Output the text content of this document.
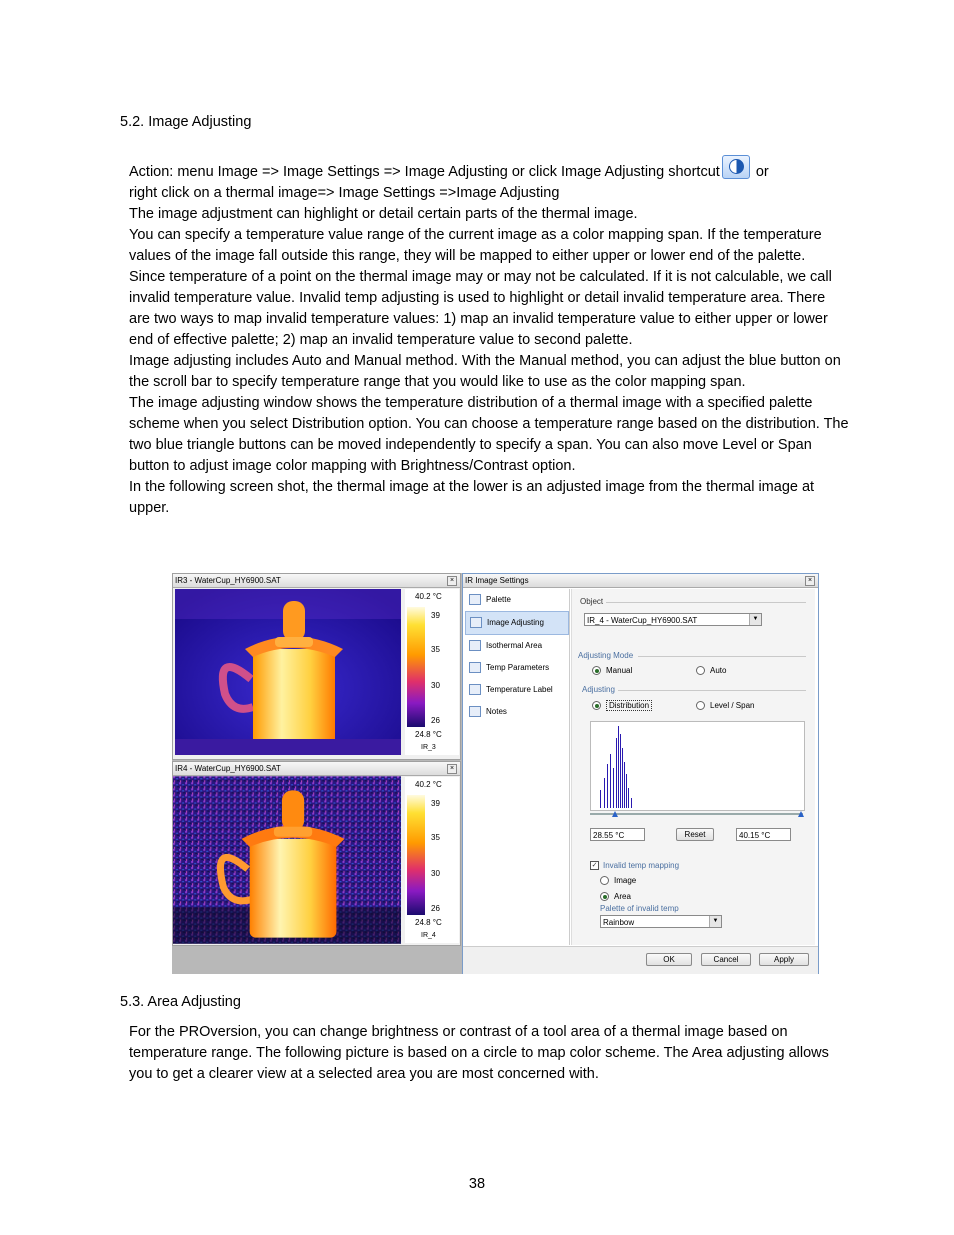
5.2. Image Adjusting

Action: menu Image => Image Settings => Image Adjusting or click Image Adjusting shortcut or

right click on a thermal image=> Image Settings =>Image Adjusting

The image adjustment can highlight or detail certain parts of the thermal image.

You can specify a temperature value range of the current image as a color mapping span. If the temperature values of the image fall outside this range, they will be mapped to either upper or lower end of the palette.

Since temperature of a point on the thermal image may or may not be calculated. If it is not calculable, we call invalid temperature value. Invalid temp adjusting is used to highlight or detail invalid temperature area. There are two ways to map invalid temperature values: 1) map an invalid temperature value to either upper or lower end of effective palette; 2) map an invalid temperature value to second palette.

Image adjusting includes Auto and Manual method. With the Manual method, you can adjust the blue button on the scroll bar to specify temperature range that you would like to use as the color mapping span.

The image adjusting window shows the temperature distribution of a thermal image with a specified palette scheme when you select Distribution option. You can choose a temperature range based on the distribution. The two blue triangle buttons can be moved independently to specify a span. You can also move Level or Span button to adjust image color mapping with Brightness/Contrast option.

In the following screen shot, the thermal image at the lower is an adjusted image from the thermal image at upper.

IR3 - WaterCup_HY6900.SAT	×
40.2 °C
39
35
30
26
24.8 °C
IR_3
IR4 - WaterCup_HY6900.SAT	×
40.2 °C
39
35
30
26
24.8 °C
IR_4
IR Image Settings	×
Palette
Image Adjusting
Isothermal Area
Temp Parameters
Temperature Label
Notes
Object
IR_4 - WaterCup_HY6900.SAT	▼
Adjusting Mode
Manual	Auto
Adjusting
Distribution	Level / Span
28.55 °C	Reset	40.15 °C
✓ Invalid temp mapping
Image
Area
Palette of invalid temp
Rainbow	▼
OK	Cancel	Apply
5.3. Area Adjusting

For the PROversion, you can change brightness or contrast of a tool area of a thermal image based on temperature range. The following picture is based on a circle to map color scheme. The Area adjusting allows you to get a clearer view at a selected area you are most concerned with.

38
